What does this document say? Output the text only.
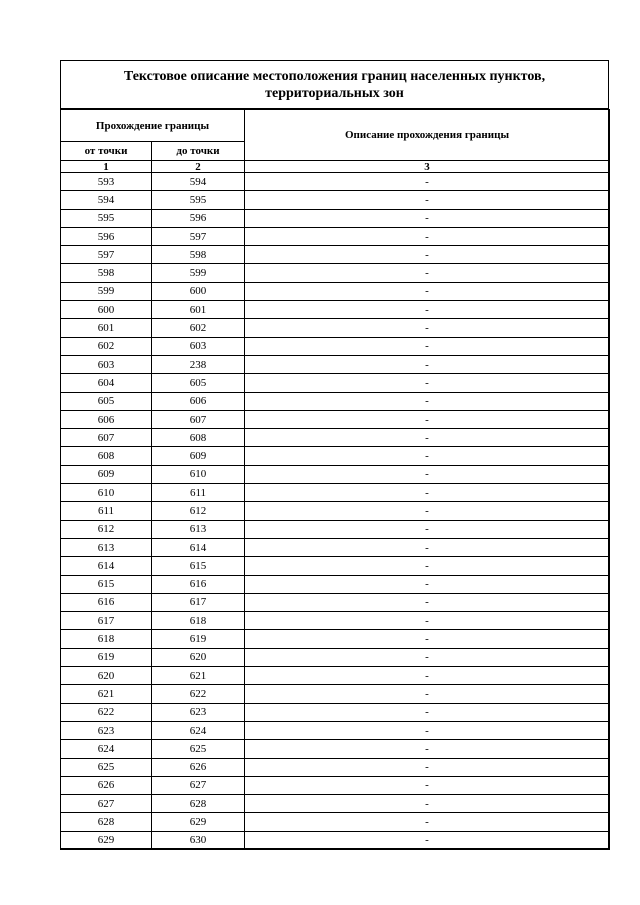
Текстовое описание местоположения границ населенных пунктов, территориальных зон
Прохождение границы		Описание прохождения границы
от точки	до точки	
1	2	3
593	594	-
594	595	-
595	596	-
596	597	-
597	598	-
598	599	-
599	600	-
600	601	-
601	602	-
602	603	-
603	238	-
604	605	-
605	606	-
606	607	-
607	608	-
608	609	-
609	610	-
610	611	-
611	612	-
612	613	-
613	614	-
614	615	-
615	616	-
616	617	-
617	618	-
618	619	-
619	620	-
620	621	-
621	622	-
622	623	-
623	624	-
624	625	-
625	626	-
626	627	-
627	628	-
628	629	-
629	630	-
